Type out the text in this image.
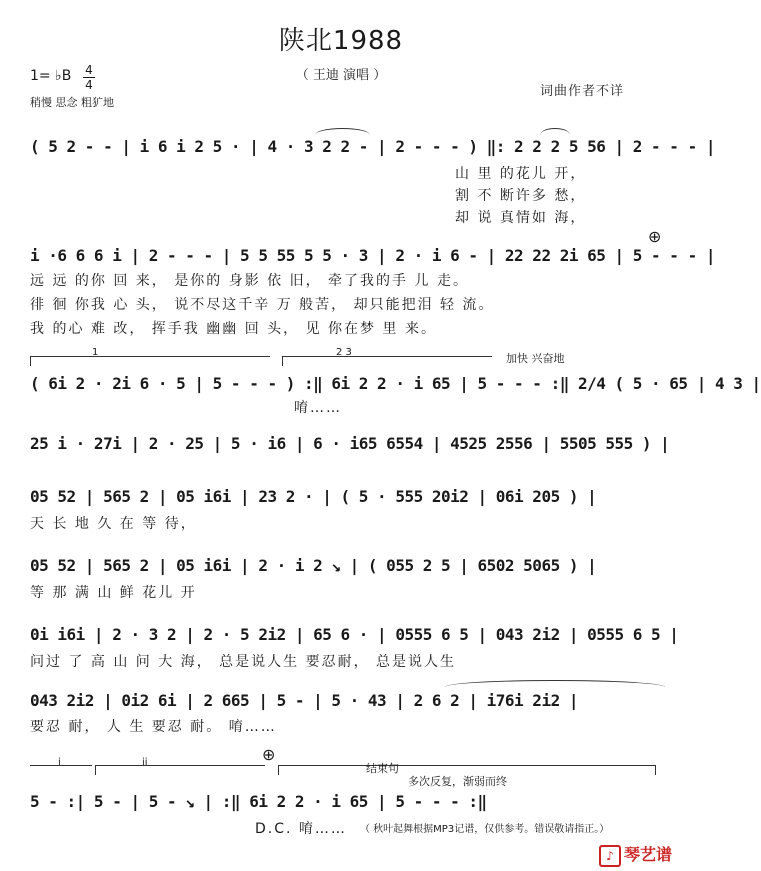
陕北1988
（ 王迪 演唱 ）
1= ♭B 4
4
稍慢 思念 粗犷地
词曲作者不详
( 5 2 - - | i 6 i 2 5 · | 4 · 3 2 2 - | 2 - - - ) ‖: 2 2 2 5 56 | 2 - - - |
山 里 的花儿 开，
割 不 断许多 愁，
却 说 真情如 海，
⊕
i ·6 6 6 i | 2 - - - | 5 5 55 5 5 · 3 | 2 · i 6 - | 22 22 2i 65 | 5 - - - |
远 远 的你 回 来， 是你的 身影 依 旧， 牵了我的手 儿 走。
徘 徊 你我 心 头， 说不尽这千辛 万 般苦， 却只能把泪 轻 流。
我 的心 难 改， 挥手我 幽幽 回 头， 见 你在梦 里 来。
1	2 3	加快 兴奋地
( 6i 2 · 2i 6 · 5 | 5 - - - ) :‖ 6i 2 2 · i 65 | 5 - - - :‖ 2/4 ( 5 · 65 | 4 3 |
唷……
25 i · 27i | 2 · 25 | 5 · i6 | 6 · i65 6554 | 4525 2556 | 5505 555 ) |
05 52 | 565 2 | 05 i6i | 23 2 · | ( 5 · 555 20i2 | 06i 205 ) |
天 长 地 久 在 等 待，
05 52 | 565 2 | 05 i6i | 2 · i 2 ↘ | ( 055 2 5 | 6502 5065 ) |
等 那 满 山 鲜 花儿 开
0i i6i | 2 · 3 2 | 2 · 5 2i2 | 65 6 · | 0555 6 5 | 043 2i2 | 0555 6 5 |
问过 了 高 山 问 大 海， 总是说人生 要忍耐， 总是说人生
043 2i2 | 0i2 6i | 2 665 | 5 - | 5 · 43 | 2 6 2 | i76i 2i2 |
要忍 耐， 人 生 要忍 耐。 唷……
i	ii	⊕
结束句
多次反复，渐弱而终
5 - :| 5 - | 5 - ↘ | :‖ 6i 2 2 · i 65 | 5 - - - :‖
D.C. 唷…… （ 秋叶起舞根据MP3记谱，仅供参考。错误敬请指正。）
♪ 琴艺谱
